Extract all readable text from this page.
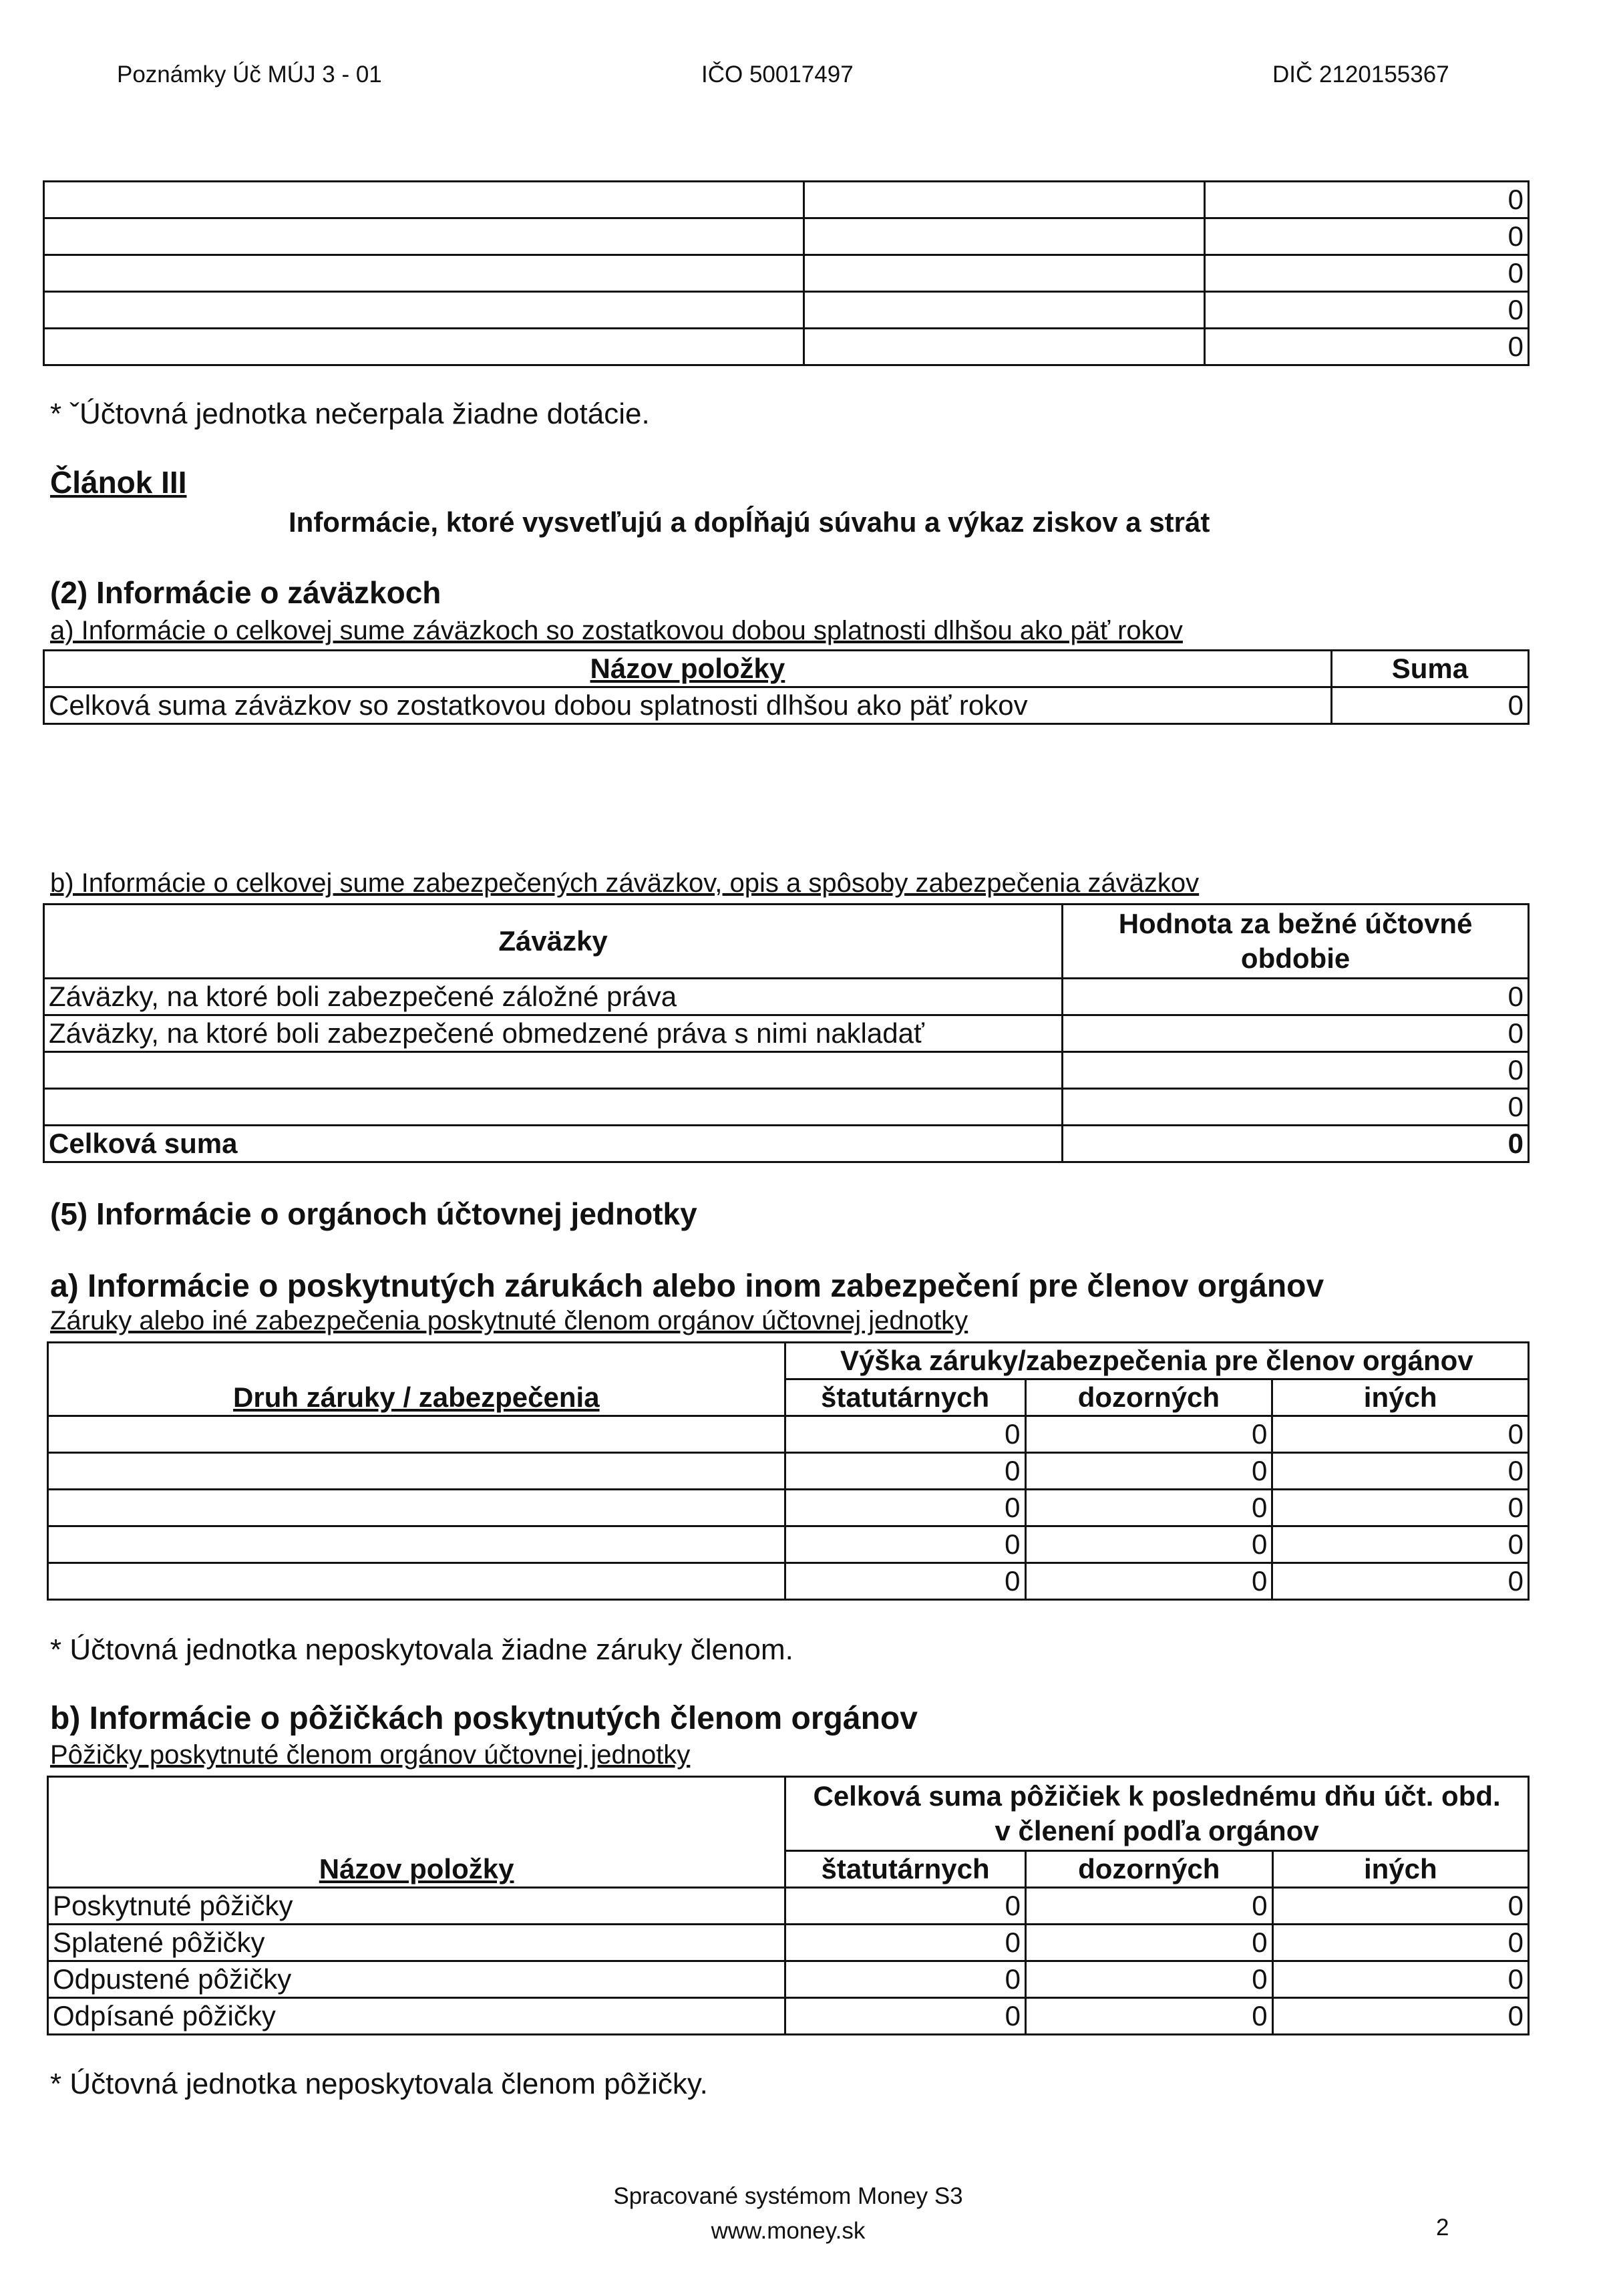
Poznámky Úč MÚJ 3 - 01	IČO 50017497	DIČ 2120155367
		0
		0
		0
		0
		0
* ˇÚčtovná jednotka nečerpala žiadne dotácie.
Článok III
Informácie, ktoré vysvetľujú a dopĺňajú súvahu a výkaz ziskov a strát
(2) Informácie o záväzkoch
a) Informácie o celkovej sume záväzkoch so zostatkovou dobou splatnosti dlhšou ako päť rokov
Názov položky	Suma
Celková suma záväzkov so zostatkovou dobou splatnosti dlhšou ako päť rokov	0
b) Informácie o celkovej sume zabezpečených záväzkov, opis a spôsoby zabezpečenia záväzkov
Záväzky	Hodnota za bežné účtovné
obdobie

Záväzky, na ktoré boli zabezpečené záložné práva	0
Záväzky, na ktoré boli zabezpečené obmedzené práva s nimi nakladať	0
	0
	0
Celková suma	0
(5) Informácie o orgánoch účtovnej jednotky
a) Informácie o poskytnutých zárukách alebo inom zabezpečení pre členov orgánov
Záruky alebo iné zabezpečenia poskytnuté členom orgánov účtovnej jednotky
Druh záruky / zabezpečenia	Výška záruky/zabezpečenia pre členov orgánov		
	štatutárnych	dozorných	iných
	0	0	0
	0	0	0
	0	0	0
	0	0	0
	0	0	0
* Účtovná jednotka neposkytovala žiadne záruky členom.
b) Informácie o pôžičkách poskytnutých členom orgánov
Pôžičky poskytnuté členom orgánov účtovnej jednotky
Názov položky	Celková suma pôžičiek k poslednému dňu účt. obd.
v členení podľa orgánov		

	štatutárnych	dozorných	iných
Poskytnuté pôžičky	0	0	0
Splatené pôžičky	0	0	0
Odpustené pôžičky	0	0	0
Odpísané pôžičky	0	0	0
* Účtovná jednotka neposkytovala členom pôžičky.
Spracované systémom Money S3
www.money.sk	2
